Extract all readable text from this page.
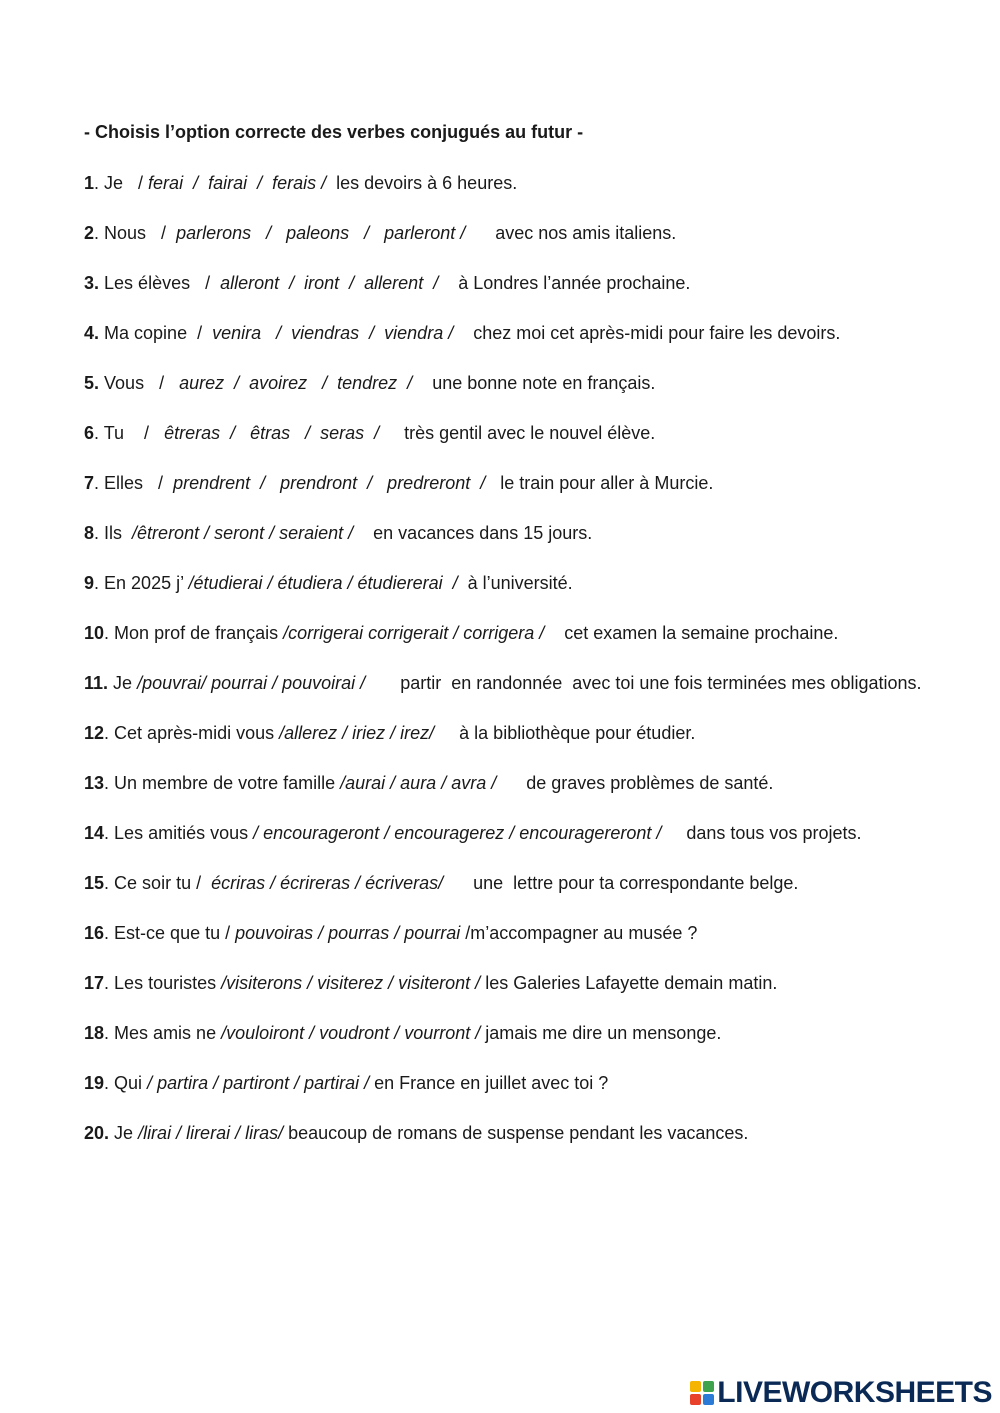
- Choisis l’option correcte des verbes conjugués au futur -

1. Je   / ferai  /  fairai  /  ferais /  les devoirs à 6 heures.

2. Nous   /  parlerons   /   paleons   /   parleront /      avec nos amis italiens.

3. Les élèves   /  alleront  /  iront  /  allerent  /    à Londres l’année prochaine.

4. Ma copine  /  venira   /  viendras  /  viendra /    chez moi cet après-midi pour faire les devoirs.

5. Vous   /   aurez  /  avoirez   /  tendrez  /    une bonne note en français.

6. Tu    /   êtreras  /   êtras   /  seras  /     très gentil avec le nouvel élève.

7. Elles   /  prendrent  /   prendront  /   predreront  /   le train pour aller à Murcie.

8. Ils  /êtreront / seront / seraient /    en vacances dans 15 jours.

9. En 2025 j’ /étudierai / étudiera / étudiererai  /  à l’université.

10. Mon prof de français /corrigerai corrigerait / corrigera /    cet examen la semaine prochaine.

11. Je /pouvrai/ pourrai / pouvoirai /       partir  en randonnée  avec toi une fois terminées mes obligations.

12. Cet après-midi vous /allerez / iriez / irez/     à la bibliothèque pour étudier.

13. Un membre de votre famille /aurai / aura / avra /      de graves problèmes de santé.

14. Les amitiés vous / encourageront / encouragerez / encouragereront /     dans tous vos projets.

15. Ce soir tu /  écriras / écrireras / écriveras/      une  lettre pour ta correspondante belge.

16. Est-ce que tu / pouvoiras / pourras / pourrai /m’accompagner au musée ?

17. Les touristes /visiterons / visiterez / visiteront / les Galeries Lafayette demain matin.

18. Mes amis ne /vouloiront / voudront / vourront / jamais me dire un mensonge.

19. Qui / partira / partiront / partirai / en France en juillet avec toi ?

20. Je /lirai / lirerai / liras/ beaucoup de romans de suspense pendant les vacances.

LIVEWORKSHEETS
